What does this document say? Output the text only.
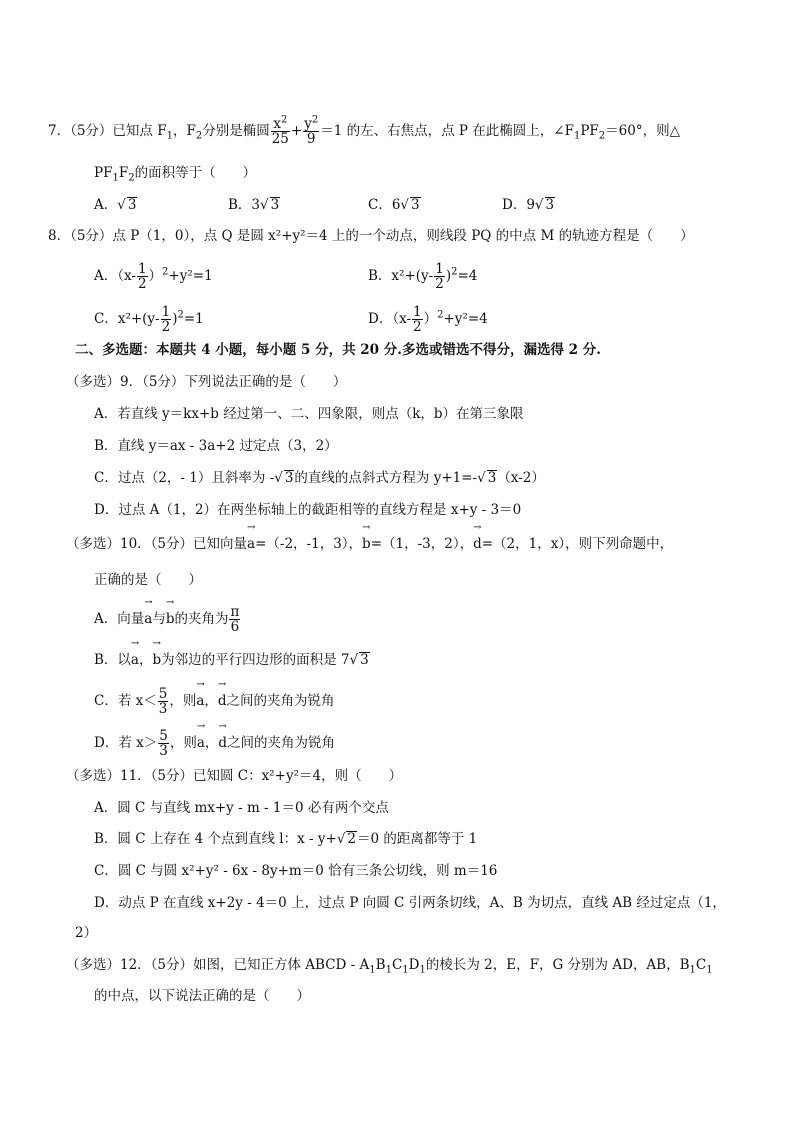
7．（5分）已知点 $F_1$，$F_2$分别是椭圆 $\frac{x^2}{25} + \frac{y^2}{9} =1$ 的左、右焦点，点 P 在此椭圆上，$\angle F_1PF_2=60^\circ$，则△
$PF_1F_2$的面积等于（　　）
A． √ 3	B．3 √ 3	C．6 √ 3	D．9 √ 3
8．（5分）点 P（1，0），点 Q 是圆 x²+y²＝4 上的一个动点，则线段 PQ 的中点 M 的轨迹方程是（　　）
A．$(x- \frac{1}{2} )^2+y^2=1$	B．$x^2+(y- \frac{1}{2} )^2=4$
C．$x^2+(y- \frac{1}{2} )^2=1$	D．$(x- \frac{1}{2} )^2+y^2=4$
二、多选题：本题共 4 小题，每小题 5 分，共 20 分.多选或错选不得分，漏选得 2 分.
（多选）9．（5分）下列说法正确的是（　　）
A．若直线 y＝kx+b 经过第一、二、四象限，则点（k，b）在第三象限
B．直线 y＝ax - 3a+2 过定点（3，2）
C．过点（2，- 1）且斜率为 - √ 3的直线的点斜式方程为 y+1=- √ 3（x-2）
D．过点 A（1，2）在两坐标轴上的截距相等的直线方程是 x+y - 3＝0
（多选）10．（5分）已知向量→ a=（-2，-1，3），→ b=（1，-3，2），→ d=（2，1，x），则下列命题中，
正确的是（　　）
A．向量→ a与→ b的夹角为 $\frac{\pi}{6}$
B．以→ a，→ b为邻边的平行四边形的面积是 7 √ 3
C．若 $x< \frac{5}{3}$ ，则→ a，→ d之间的夹角为锐角
D．若 $x> \frac{5}{3}$ ，则→ a，→ d之间的夹角为锐角
（多选）11．（5分）已知圆 C：x²+y²＝4，则（　　）
A．圆 C 与直线 mx+y - m - 1＝0 必有两个交点
B．圆 C 上存在 4 个点到直线 l：x - y+ √ 2＝0 的距离都等于 1
C．圆 C 与圆 x²+y² - 6x - 8y+m＝0 恰有三条公切线，则 m＝16
D．动点 P 在直线 x+2y - 4＝0 上，过点 P 向圆 C 引两条切线，A、B 为切点，直线 AB 经过定点（1，
2）
（多选）12．（5分）如图，已知正方体 ABCD - $A_1B_1C_1D_1$的棱长为 2，E，F，G 分别为 AD，AB，$B_1C_1$
的中点，以下说法正确的是（　　）
